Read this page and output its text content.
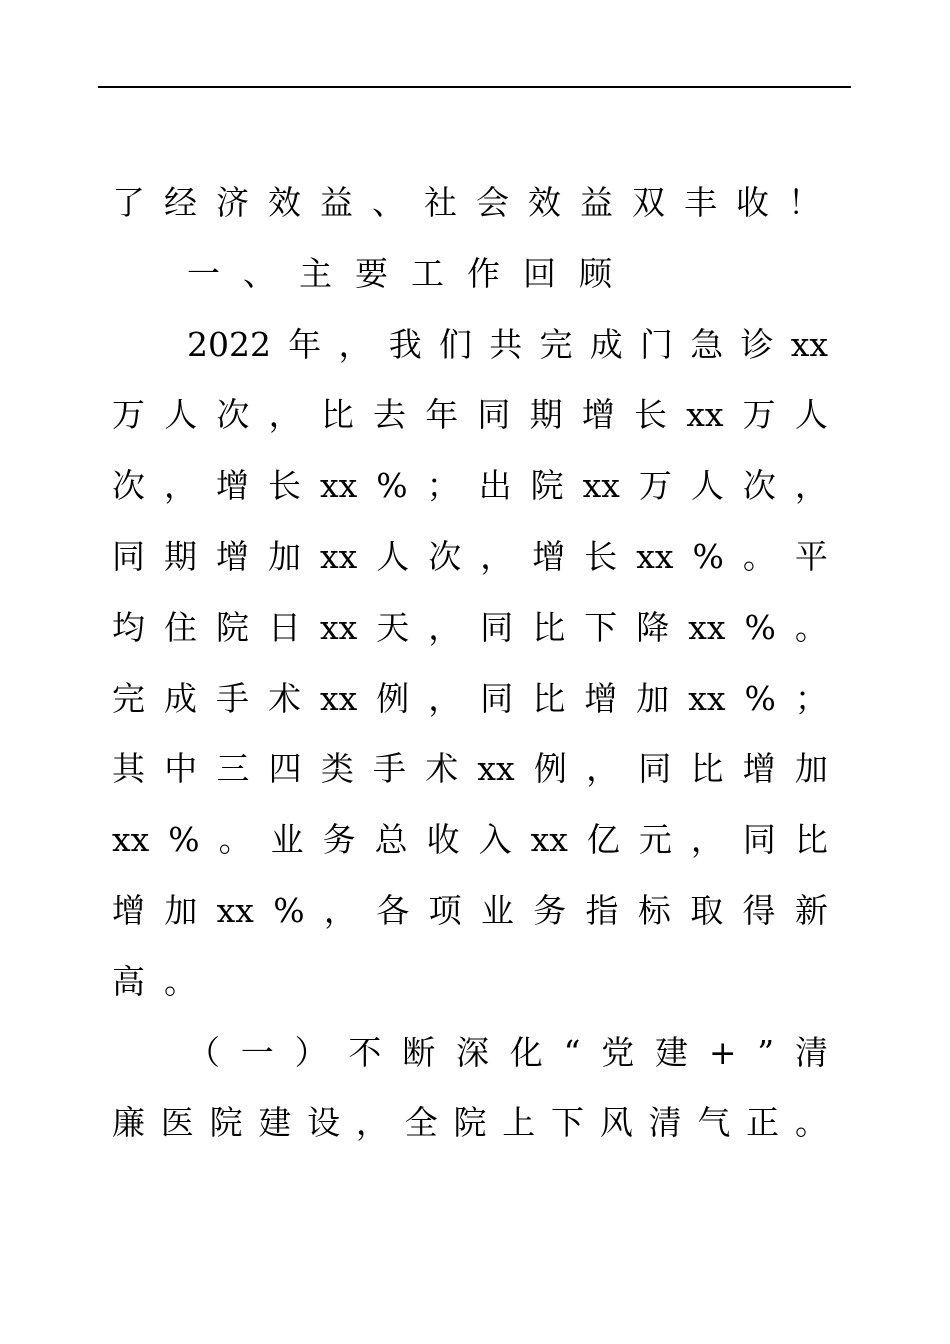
了 经 济 效 益 、 社 会 效 益 双 丰 收 ！
一 、 主 要 工 作 回 顾
2022 年 ， 我 们 共 完 成 门 急 诊 xx
万 人 次 ， 比 去 年 同 期 增 长 xx 万 人
次 ， 增 长 xx % ； 出 院 xx 万 人 次 ，
同 期 增 加 xx 人 次 ， 增 长 xx % 。 平
均 住 院 日 xx 天 ， 同 比 下 降 xx % 。
完 成 手 术 xx 例 ， 同 比 增 加 xx % ；
其 中 三 四 类 手 术 xx 例 ， 同 比 增 加
xx % 。 业 务 总 收 入 xx 亿 元 ， 同 比
增 加 xx % ， 各 项 业 务 指 标 取 得 新
高 。
（ 一 ） 不 断 深 化 “ 党 建 + ” 清
廉 医 院 建 设 ， 全 院 上 下 风 清 气 正 。
